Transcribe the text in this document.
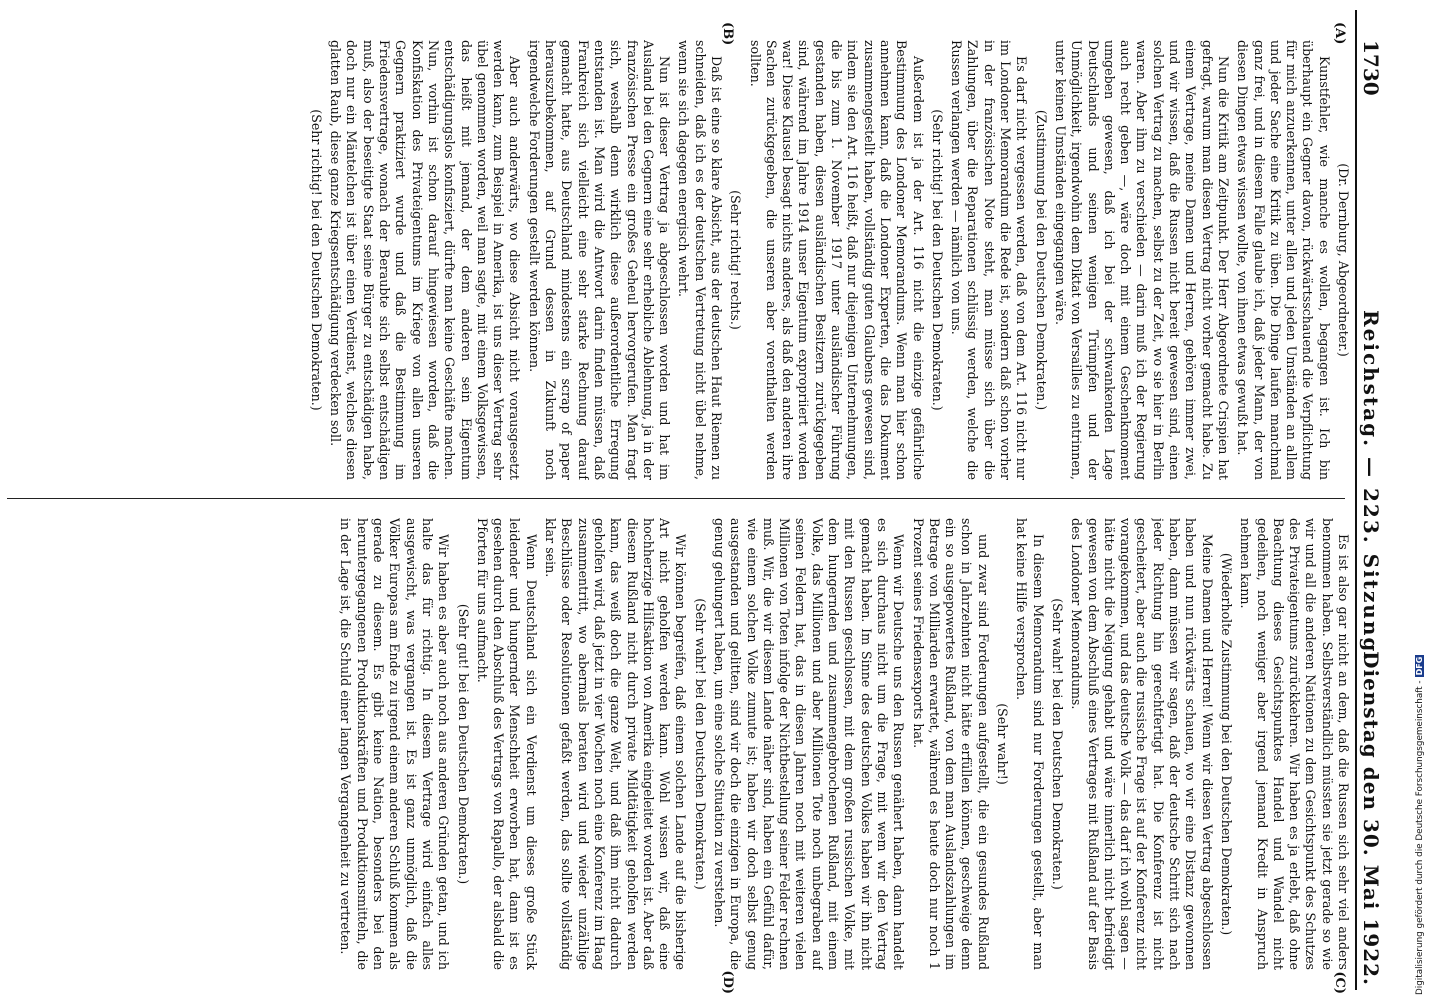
1730
Reichstag. — 223. Sitzung.
Dienstag den 30. Mai 1922.
(A)
(B)
(C)
(D)

(Dr. Dernburg, Abgeordneter.)

Kunstfehler, wie manche es wollen, begangen ist. Ich bin überhaupt ein Gegner davon, rückwärtsschauend die Verpflichtung für mich anzuerkennen, unter allen und jeden Umständen an allem und jeder Sache eine Kritik zu üben. Die Dinge laufen manchmal ganz frei, und in diesem Falle glaube ich, daß jeder Mann, der von diesen Dingen etwas wissen wollte, von ihnen etwas gewußt hat.

Nun die Kritik am Zeitpunkt. Der Herr Abgeordnete Crispien hat gefragt, warum man diesen Vertrag nicht vorher gemacht habe. Zu einem Vertrage, meine Damen und Herren, gehören immer zwei, und wir wissen, daß die Russen nicht bereit gewesen sind, einen solchen Vertrag zu machen, selbst zu der Zeit, wo sie hier in Berlin waren. Aber ihm zu verschieden — darin muß ich der Regierung auch recht geben —, wäre doch mit einem Geschenkmoment umgeben gewesen, daß ich bei der schwankenden Lage Deutschlands und seinen wenigen Trümpfen und der Unmöglichkeit, irgendwohin dem Diktat von Versailles zu entrinnen, unter keinen Umständen eingegangen wäre.

(Zustimmung bei den Deutschen Demokraten.)

Es darf nicht vergessen werden, daß von dem Art. 116 nicht nur im Londoner Memorandum die Rede ist, sondern daß schon vorher in der französischen Note steht, man müsse sich über die Zahlungen, über die Reparationen schlüssig werden, welche die Russen verlangen werden — nämlich von uns.

(Sehr richtig! bei den Deutschen Demokraten.)

Außerdem ist ja der Art. 116 nicht die einzige gefährliche Bestimmung des Londoner Memorandums. Wenn man hier schon annehmen kann, daß die Londoner Experten, die das Dokument zusammengestellt haben, vollständig guten Glaubens gewesen sind, indem sie den Art. 116 heißt, daß nur diejenigen Unternehmungen, die bis zum 1. November 1917 unter ausländischer Führung gestanden haben, diesen ausländischen Besitzern zurückgegeben sind, während im Jahre 1914 unser Eigentum expropriiert worden war! Diese Klausel besagt nichts anderes, als daß den anderen ihre Sachen zurückgegeben, die unseren aber vorenthalten werden sollten.

(Sehr richtig! rechts.)

Daß ist eine so klare Absicht, aus der deutschen Haut Riemen zu schneiden, daß ich es der deutschen Vertretung nicht übel nehme, wenn sie sich dagegen energisch wehrt.

Nun ist dieser Vertrag ja abgeschlossen worden und hat im Ausland bei den Gegnern eine sehr erhebliche Ablehnung, ja in der französischen Presse ein großes Geheul hervorgerufen. Man fragt sich, weshalb denn wirklich diese außerordentliche Erregung entstanden ist. Man wird die Antwort darin finden müssen, daß Frankreich sich vielleicht eine sehr starke Rechnung darauf gemacht hatte, aus Deutschland mindestens ein scrap of paper herauszubekommen, auf Grund dessen in Zukunft noch irgendwelche Forderungen gestellt werden können.

Aber auch anderwärts, wo diese Absicht nicht vorausgesetzt werden kann, zum Beispiel in Amerika, ist uns dieser Vertrag sehr übel genommen worden, weil man sagte, mit einem Volksgewissen, das heißt mit jemand, der dem anderen sein Eigentum entschädigungslos konfisziert, dürfte man keine Geschäfte machen. Nun, vorhin ist schon darauf hingewiesen worden, daß die Konfiskation des Privateigentums im Kriege von allen unseren Gegnern praktiziert wurde und daß die Bestimmung im Friedensvertrage, wonach der Beraubte sich selbst entschädigen muß, also der beseitigte Staat seine Bürger zu entschädigen habe, doch nur ein Mäntelchen ist über einen Verdienst, welches diesen glatten Raub, diese ganze Kriegsentschädigung verdecken soll.

(Sehr richtig! bei den Deutschen Demokraten.)

Es ist also gar nicht an dem, daß die Russen sich sehr viel anders benommen haben. Selbstverständlich müssten sie jetzt gerade so wie wir und all die anderen Nationen zu dem Gesichtspunkt des Schutzes des Privateigentums zurückkehren. Wir haben es ja erlebt, daß ohne Beachtung dieses Gesichtspunktes Handel und Wandel nicht gedeihen, noch weniger aber irgend jemand Kredit in Anspruch nehmen kann.

(Wiederholte Zustimmung bei den Deutschen Demokraten.)

Meine Damen und Herren! Wenn wir diesen Vertrag abgeschlossen haben und nun rückwärts schauen, wo wir eine Distanz gewonnen haben, dann müssen wir sagen, daß der deutsche Schritt sich nach jeder Richtung hin gerechtfertigt hat. Die Konferenz ist nicht gescheitert, aber auch die russische Frage ist auf der Konferenz nicht vorangekommen, und das deutsche Volk — das darf ich wohl sagen — hätte nicht die Neigung gehabt und wäre innerlich nicht befriedigt gewesen von dem Abschluß eines Vertrages mit Rußland auf der Basis des Londoner Memorandums.

(Sehr wahr! bei den Deutschen Demokraten.)

In diesem Memorandum sind nur Forderungen gestellt, aber man hat keine Hilfe versprochen.

(Sehr wahr!)

und zwar sind Forderungen aufgestellt, die ein gesundes Rußland schon in Jahrzehnten nicht hätte erfüllen können, geschweige denn ein so ausgepowertes Rußland, von dem man Auslandszahlungen im Betrage von Milliarden erwartet, während es heute doch nur noch 1 Prozent seines Friedensexports hat.

Wenn wir Deutsche uns den Russen genähert haben, dann handelt es sich durchaus nicht um die Frage, mit wem wir den Vertrag gemacht haben. Im Sinne des deutschen Volkes haben wir ihn nicht mit den Russen geschlossen, mit dem großen russischen Volke, mit dem hungernden und zusammengebrochenen Rußland, mit einem Volke, das Millionen und aber Millionen Tote noch unbegraben auf seinen Feldern hat, das in diesen Jahren noch mit weiteren vielen Millionen von Toten infolge der Nichtbestellung seiner Felder rechnen muß. Wir, die wir diesem Lande näher sind, haben ein Gefühl dafür, wie einem solchen Volke zumute ist; haben wir doch selbst genug ausgestanden und gelitten, sind wir doch die einzigen in Europa, die genug gehungert haben, um eine solche Situation zu verstehen.

(Sehr wahr! bei den Deutschen Demokraten.)

Wir können begreifen, daß einem solchen Lande auf die bisherige Art nicht geholfen werden kann. Wohl wissen wir, daß eine hochherzige Hilfsaktion von Amerika eingeleitet worden ist. Aber daß diesem Rußland nicht durch private Mildtätigkeit geholfen werden kann, das weiß doch die ganze Welt, und daß ihm nicht dadurch geholfen wird, daß jetzt in vier Wochen noch eine Konferenz im Haag zusammentritt, wo abermals beraten wird und wieder unzählige Beschlüsse oder Resolutionen gefaßt werden, das sollte vollständig klar sein.

Wenn Deutschland sich ein Verdienst um dieses große Stück leidender und hungernder Menschheit erworben hat, dann ist es gesehen durch den Abschluß des Vertrags von Rapallo, der alsbald die Pforten für uns aufmacht.

(Sehr gut! bei den Deutschen Demokraten.)

Wir haben es aber auch noch aus anderen Gründen getan, und ich halte das für richtig. In diesem Vertrage wird einfach alles ausgewischt, was vergangen ist. Es ist ganz unmöglich, daß die Völker Europas am Ende zu irgend einem anderen Schluß kommen als gerade zu diesem. Es gibt keine Nation, besonders bei den heruntergegangenen Produktionskräften und Produktionsmitteln, die in der Lage ist, die Schuld einer langen Vergangenheit zu vertreten.	Digitalisierung gefördert durch die Deutsche Forschungsgemeinschaft -DFG
